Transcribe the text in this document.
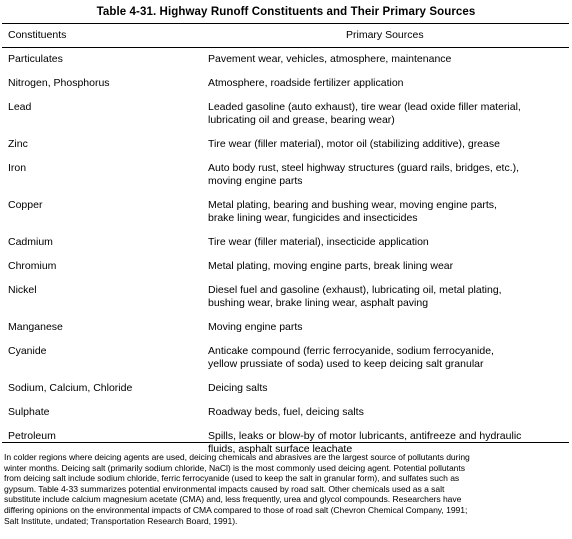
Table 4-31. Highway Runoff Constituents and Their Primary Sources
Constituents	Primary Sources
Particulates	Pavement wear, vehicles, atmosphere, maintenance
Nitrogen, Phosphorus	Atmosphere, roadside fertilizer application
Lead	Leaded gasoline (auto exhaust), tire wear (lead oxide filler material,
lubricating oil and grease, bearing wear)
Zinc	Tire wear (filler material), motor oil (stabilizing additive), grease
Iron	Auto body rust, steel highway structures (guard rails, bridges, etc.),
moving engine parts
Copper	Metal plating, bearing and bushing wear, moving engine parts,
brake lining wear, fungicides and insecticides
Cadmium	Tire wear (filler material), insecticide application
Chromium	Metal plating, moving engine parts, break lining wear
Nickel	Diesel fuel and gasoline (exhaust), lubricating oil, metal plating,
bushing wear, brake lining wear, asphalt paving
Manganese	Moving engine parts
Cyanide	Anticake compound (ferric ferrocyanide, sodium ferrocyanide,
yellow prussiate of soda) used to keep deicing salt granular
Sodium, Calcium, Chloride	Deicing salts
Sulphate	Roadway beds, fuel, deicing salts
Petroleum	Spills, leaks or blow-by of motor lubricants, antifreeze and hydraulic
fluids, asphalt surface leachate
In colder regions where deicing agents are used, deicing chemicals and abrasives are the largest source of pollutants during
winter months. Deicing salt (primarily sodium chloride, NaCl) is the most commonly used deicing agent. Potential pollutants
from deicing salt include sodium chloride, ferric ferrocyanide (used to keep the salt in granular form), and sulfates such as
gypsum. Table 4-33 summarizes potential environmental impacts caused by road salt. Other chemicals used as a salt
substitute include calcium magnesium acetate (CMA) and, less frequently, urea and glycol compounds. Researchers have
differing opinions on the environmental impacts of CMA compared to those of road salt (Chevron Chemical Company, 1991;
Salt Institute, undated; Transportation Research Board, 1991).
